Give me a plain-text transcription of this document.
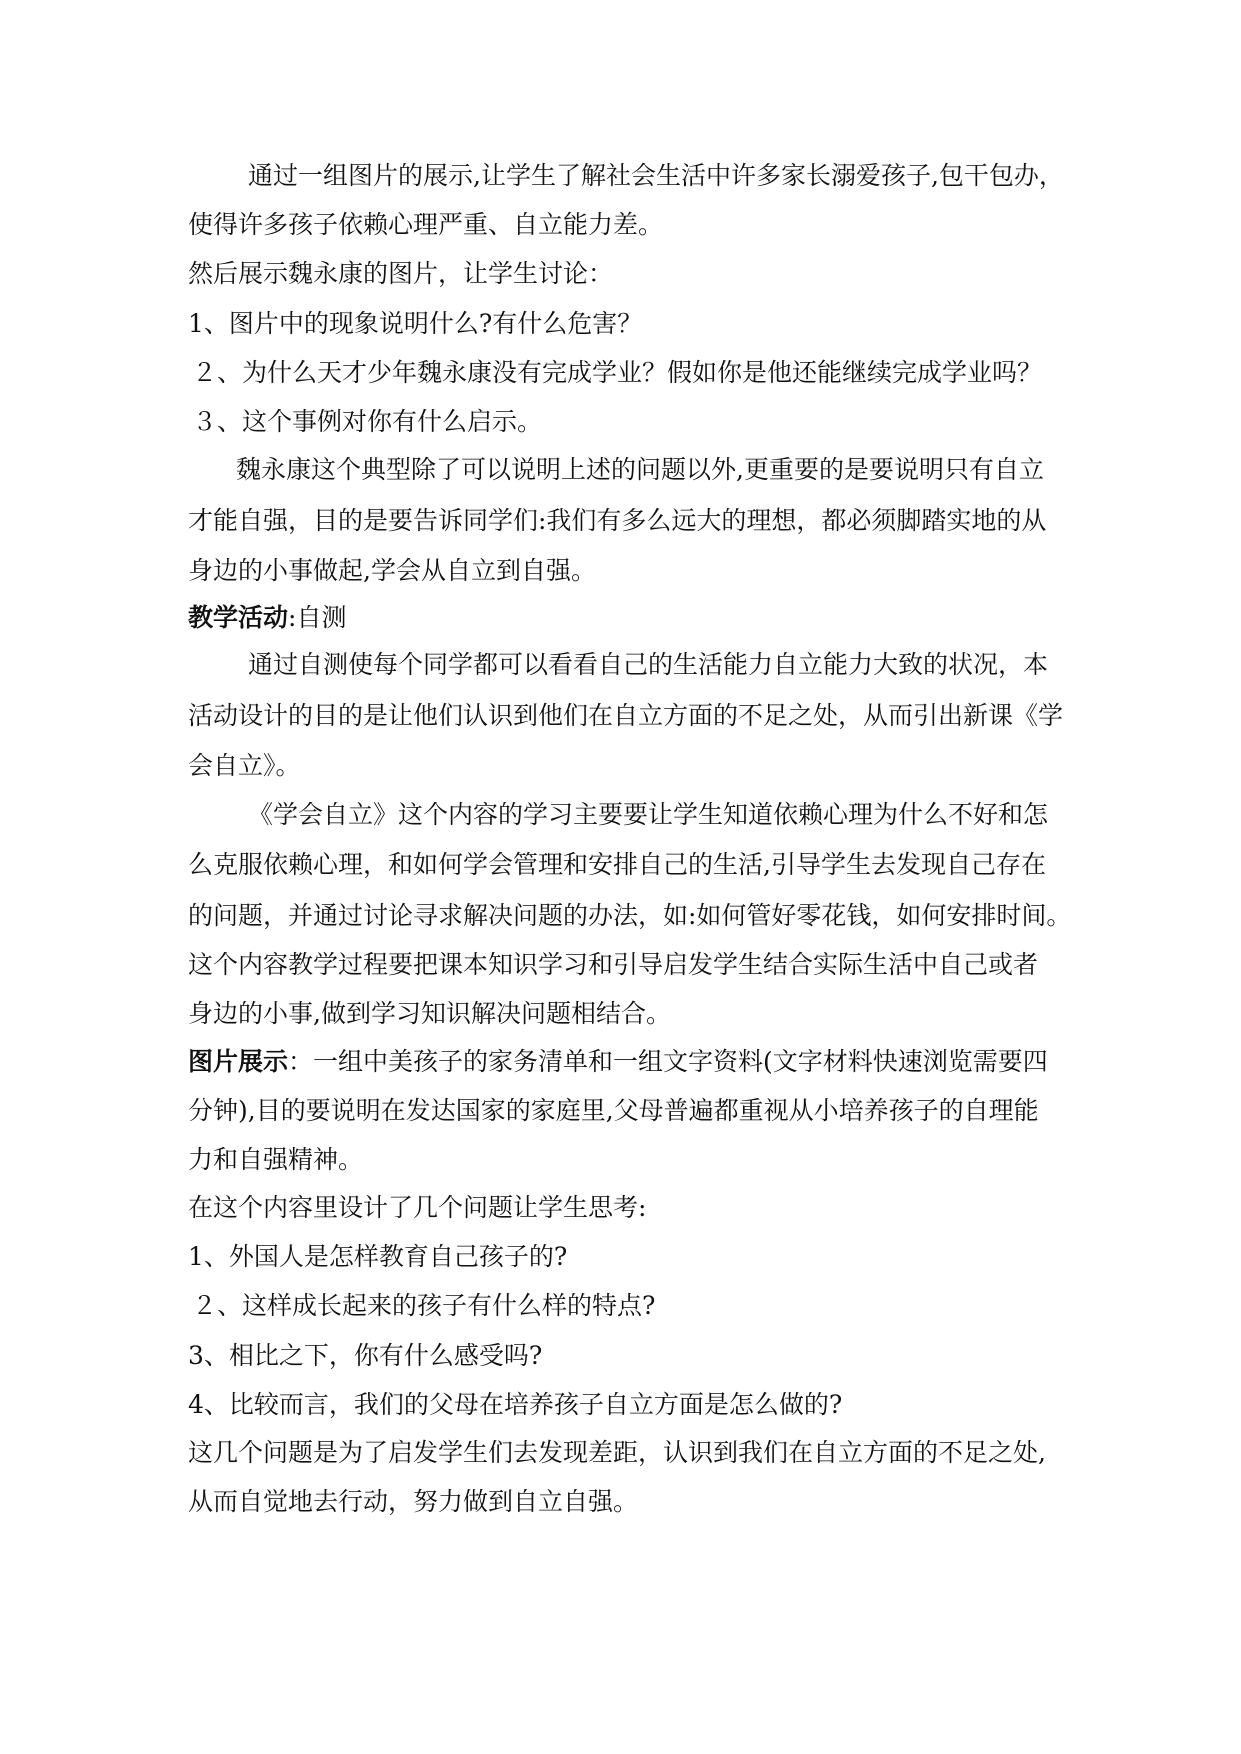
通过一组图片的展示,让学生了解社会生活中许多家长溺爱孩子,包干包办，
使得许多孩子依赖心理严重、自立能力差。
然后展示魏永康的图片，让学生讨论：
1、图片中的现象说明什么?有什么危害？
２、为什么天才少年魏永康没有完成学业？假如你是他还能继续完成学业吗？
３、这个事例对你有什么启示。
魏永康这个典型除了可以说明上述的问题以外,更重要的是要说明只有自立
才能自强，目的是要告诉同学们:我们有多么远大的理想，都必须脚踏实地的从
身边的小事做起,学会从自立到自强。
教学活动:自测
通过自测使每个同学都可以看看自己的生活能力自立能力大致的状况，本
活动设计的目的是让他们认识到他们在自立方面的不足之处，从而引出新课《学
会自立》。
《学会自立》这个内容的学习主要要让学生知道依赖心理为什么不好和怎
么克服依赖心理，和如何学会管理和安排自己的生活,引导学生去发现自己存在
的问题，并通过讨论寻求解决问题的办法，如:如何管好零花钱，如何安排时间。
这个内容教学过程要把课本知识学习和引导启发学生结合实际生活中自己或者
身边的小事,做到学习知识解决问题相结合。
图片展示：一组中美孩子的家务清单和一组文字资料(文字材料快速浏览需要四
分钟),目的要说明在发达国家的家庭里,父母普遍都重视从小培养孩子的自理能
力和自强精神。
在这个内容里设计了几个问题让学生思考:
1、外国人是怎样教育自己孩子的?
２、这样成长起来的孩子有什么样的特点?
3、相比之下，你有什么感受吗?
4、比较而言，我们的父母在培养孩子自立方面是怎么做的?
这几个问题是为了启发学生们去发现差距，认识到我们在自立方面的不足之处,
从而自觉地去行动，努力做到自立自强。
